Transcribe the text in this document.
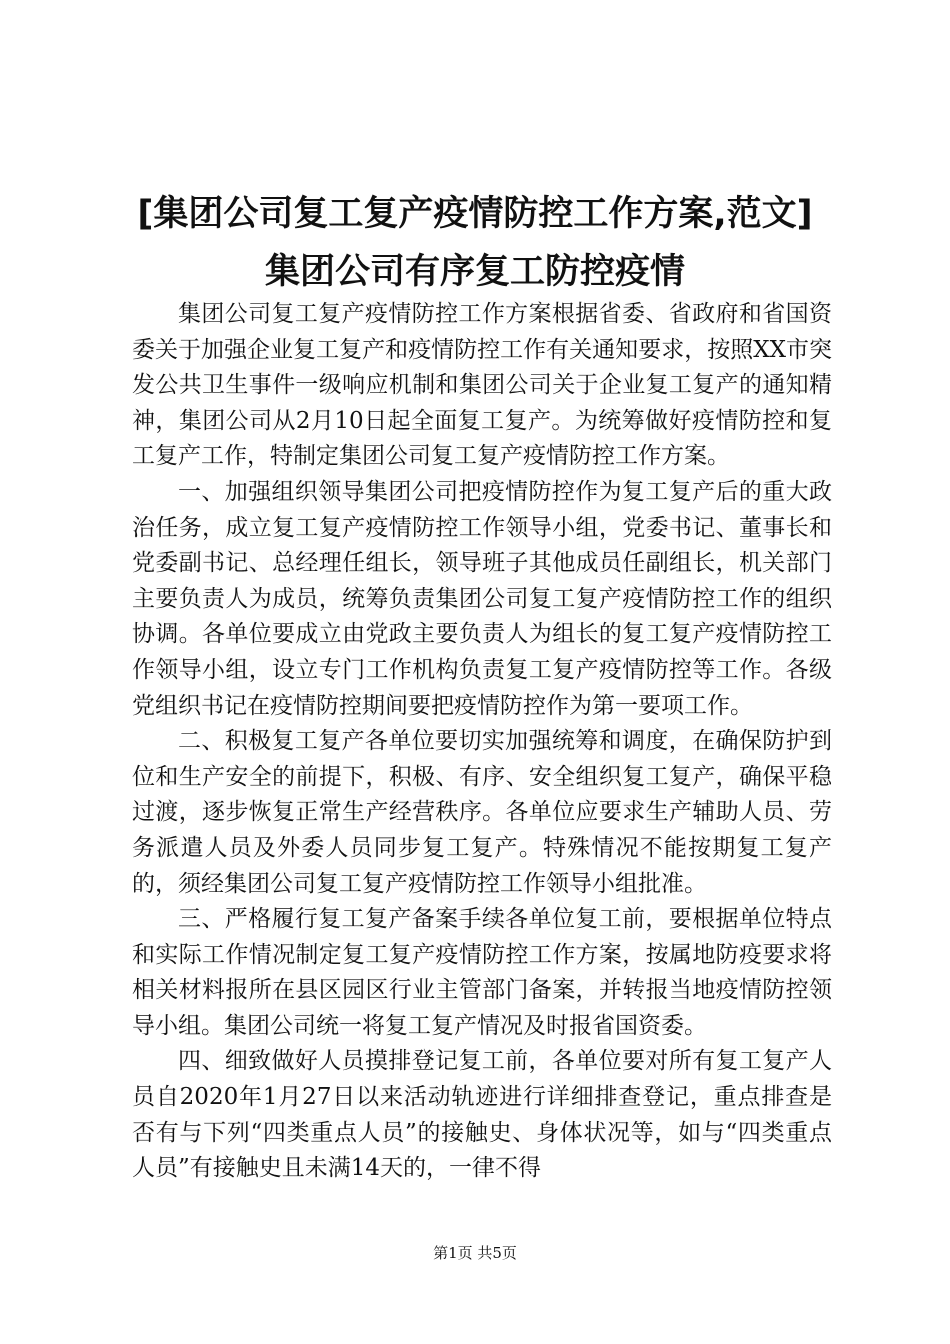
[集团公司复工复产疫情防控工作方案,范文]
集团公司有序复工防控疫情

集团公司复工复产疫情防控工作方案根据省委、省政府和省国资委关于加强企业复工复产和疫情防控工作有关通知要求，按照XX市突发公共卫生事件一级响应机制和集团公司关于企业复工复产的通知精神，集团公司从2月10日起全面复工复产。为统筹做好疫情防控和复工复产工作，特制定集团公司复工复产疫情防控工作方案。

一、加强组织领导集团公司把疫情防控作为复工复产后的重大政治任务，成立复工复产疫情防控工作领导小组，党委书记、董事长和党委副书记、总经理任组长，领导班子其他成员任副组长，机关部门主要负责人为成员，统筹负责集团公司复工复产疫情防控工作的组织协调。各单位要成立由党政主要负责人为组长的复工复产疫情防控工作领导小组，设立专门工作机构负责复工复产疫情防控等工作。各级党组织书记在疫情防控期间要把疫情防控作为第一要项工作。

二、积极复工复产各单位要切实加强统筹和调度，在确保防护到位和生产安全的前提下，积极、有序、安全组织复工复产，确保平稳过渡，逐步恢复正常生产经营秩序。各单位应要求生产辅助人员、劳务派遣人员及外委人员同步复工复产。特殊情况不能按期复工复产的，须经集团公司复工复产疫情防控工作领导小组批准。

三、严格履行复工复产备案手续各单位复工前，要根据单位特点和实际工作情况制定复工复产疫情防控工作方案，按属地防疫要求将相关材料报所在县区园区行业主管部门备案，并转报当地疫情防控领导小组。集团公司统一将复工复产情况及时报省国资委。

四、细致做好人员摸排登记复工前，各单位要对所有复工复产人员自2020年1月27日以来活动轨迹进行详细排查登记，重点排查是否有与下列“四类重点人员”的接触史、身体状况等，如与“四类重点人员”有接触史且未满14天的，一律不得

第1页 共5页
